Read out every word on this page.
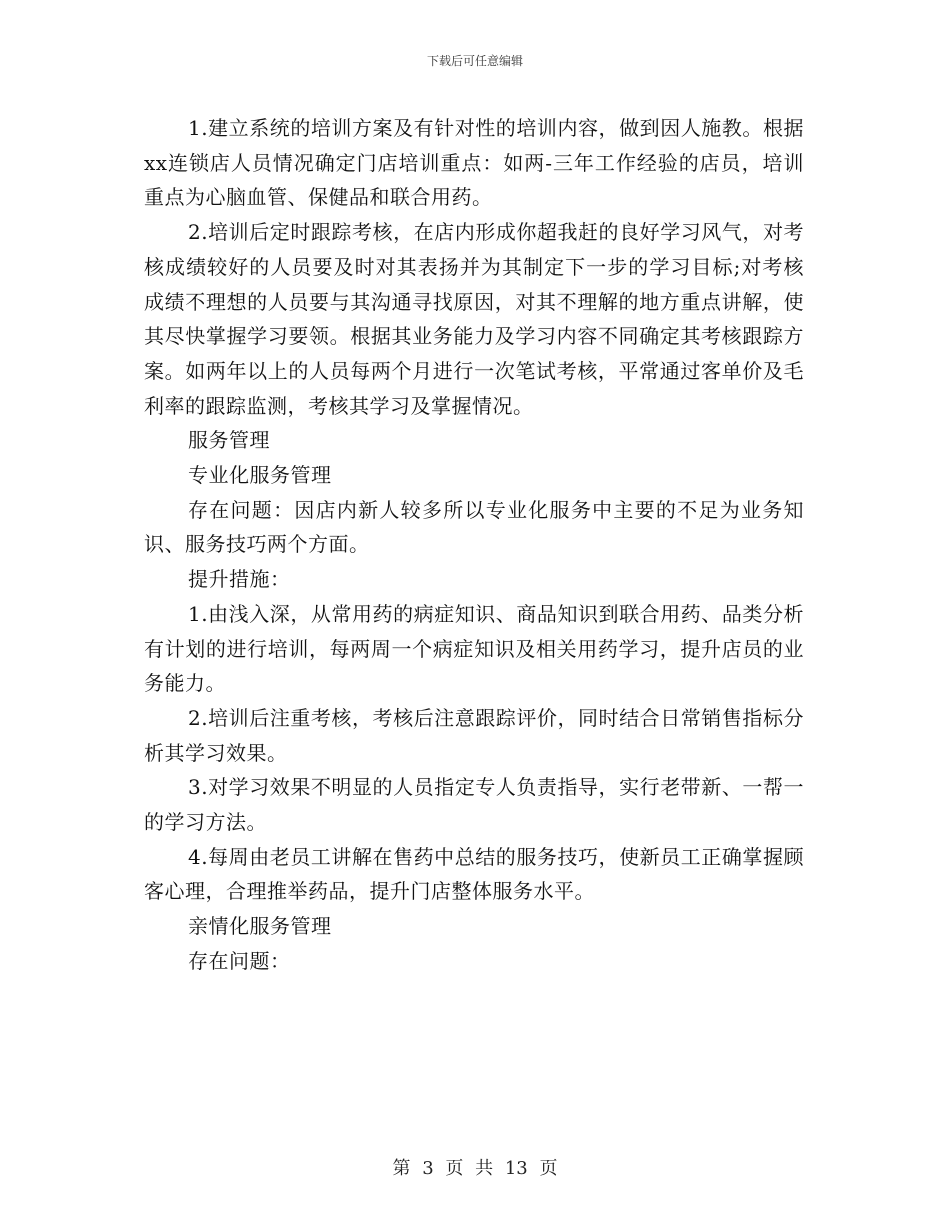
下载后可任意编辑

1.建立系统的培训方案及有针对性的培训内容，做到因人施教。根据xx连锁店人员情况确定门店培训重点：如两-三年工作经验的店员，培训重点为心脑血管、保健品和联合用药。

2.培训后定时跟踪考核，在店内形成你超我赶的良好学习风气，对考核成绩较好的人员要及时对其表扬并为其制定下一步的学习目标;对考核成绩不理想的人员要与其沟通寻找原因，对其不理解的地方重点讲解，使其尽快掌握学习要领。根据其业务能力及学习内容不同确定其考核跟踪方案。如两年以上的人员每两个月进行一次笔试考核，平常通过客单价及毛利率的跟踪监测，考核其学习及掌握情况。

服务管理

专业化服务管理

存在问题：因店内新人较多所以专业化服务中主要的不足为业务知识、服务技巧两个方面。

提升措施：

1.由浅入深，从常用药的病症知识、商品知识到联合用药、品类分析有计划的进行培训，每两周一个病症知识及相关用药学习，提升店员的业务能力。

2.培训后注重考核，考核后注意跟踪评价，同时结合日常销售指标分析其学习效果。

3.对学习效果不明显的人员指定专人负责指导，实行老带新、一帮一的学习方法。

4.每周由老员工讲解在售药中总结的服务技巧，使新员工正确掌握顾客心理，合理推举药品，提升门店整体服务水平。

亲情化服务管理

存在问题：

第 3 页 共 13 页
